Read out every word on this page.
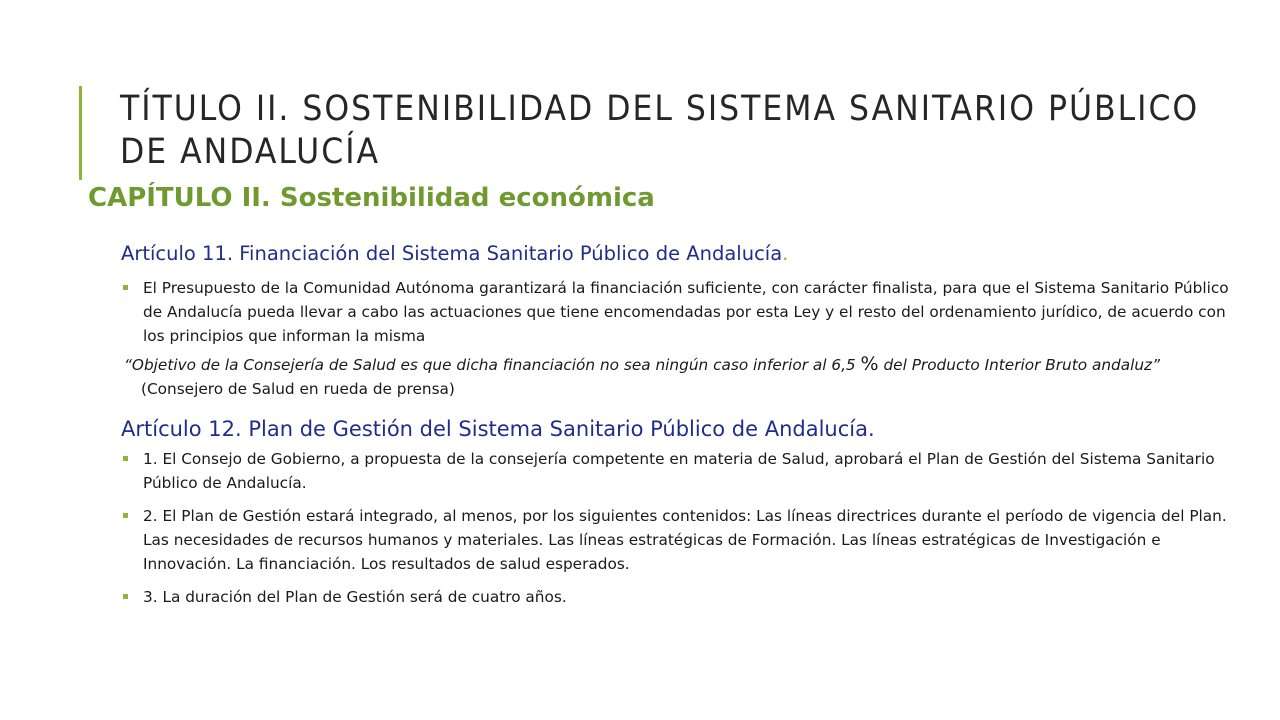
TÍTULO II. SOSTENIBILIDAD DEL SISTEMA SANITARIO PÚBLICO DE ANDALUCÍA
CAPÍTULO II. Sostenibilidad económica

Artículo 11. Financiación del Sistema Sanitario Público de Andalucía.

El Presupuesto de la Comunidad Autónoma garantizará la financiación suficiente, con carácter finalista, para que el Sistema Sanitario Público de Andalucía pueda llevar a cabo las actuaciones que tiene encomendadas por esta Ley y el resto del ordenamiento jurídico, de acuerdo con los principios que informan la misma

“Objetivo de la Consejería de Salud es que dicha financiación no sea ningún caso inferior al 6,5 % del Producto Interior Bruto andaluz” (Consejero de Salud en rueda de prensa)

Artículo 12. Plan de Gestión del Sistema Sanitario Público de Andalucía.

1. El Consejo de Gobierno, a propuesta de la consejería competente en materia de Salud, aprobará el Plan de Gestión del Sistema Sanitario Público de Andalucía.

2. El Plan de Gestión estará integrado, al menos, por los siguientes contenidos: Las líneas directrices durante el período de vigencia del Plan. Las necesidades de recursos humanos y materiales. Las líneas estratégicas de Formación. Las líneas estratégicas de Investigación e Innovación. La financiación. Los resultados de salud esperados.

3. La duración del Plan de Gestión será de cuatro años.
